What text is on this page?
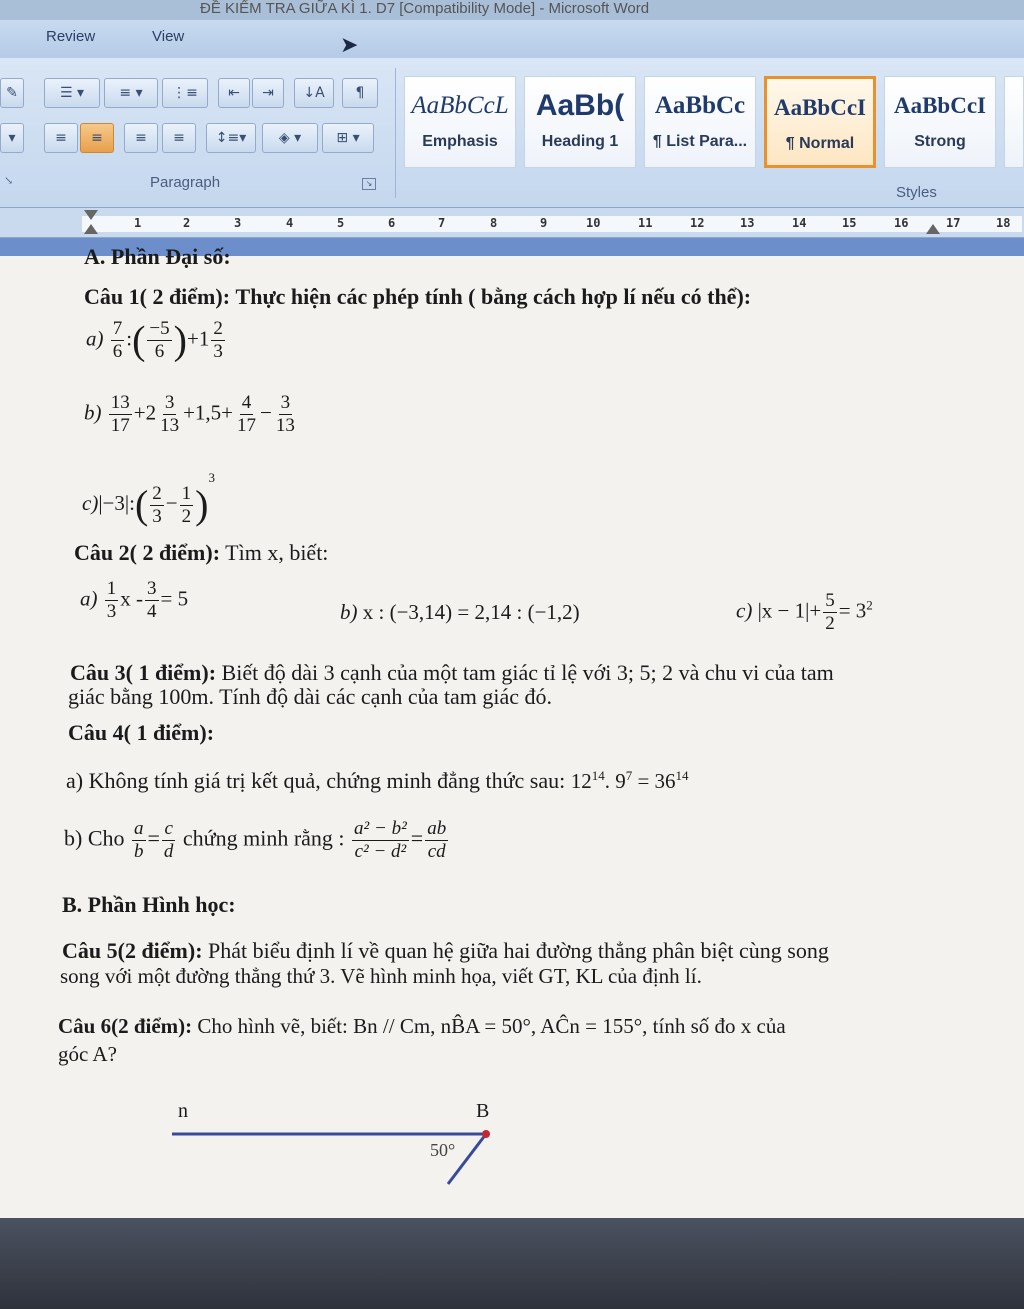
ĐỀ KIỂM TRA GIỮA KÌ 1. D7 [Compatibility Mode] - Microsoft Word
Review	View	➤
✎	☰ ▾	≡ ▾	⋮≡	⇤	⇥	↓A	¶
▾	≡	≡	≡	≡	↕≡▾	◈ ▾	⊞ ▾
Paragraph	↘
↘
AaBbCcL
Emphasis
AaBb(
Heading 1
AaBbCc
¶ List Para...
AaBbCcI
¶ Normal
AaBbCcI
Strong
Styles
1	2	3	4	5	6	7	8	9	10	11	12	13	14	15	16	17	18
A. Phần Đại số:
Câu 1( 2 điểm): Thực hiện các phép tính ( bằng cách hợp lí nếu có thể):
$a) \frac{7}{6}$ :( $\frac{-5}{6} )+1 \frac{2}{3}$
$b) \frac{13}{17} +2 \frac{3}{13} +1,5+ \frac{4}{17} - \frac{3}{13}$
c)|−3|:( $\frac{2}{3} - \frac{1}{2} )^3$
Câu 2( 2 điểm): Tìm x, biết:
$a) \frac{1}{3}$ $x - \frac{3}{4} = 5$
b) x : (−3,14) = 2,14 : (−1,2)	c) $|x - 1|+ \frac{5}{2} = 3^2$
Câu 3( 1 điểm): Biết độ dài 3 cạnh của một tam giác tỉ lệ với 3; 5; 2 và chu vi của tam
giác bằng 100m. Tính độ dài các cạnh của tam giác đó.
Câu 4( 1 điểm):
a) Không tính giá trị kết quả, chứng minh đẳng thức sau: $12^{14}$. $9^7 = 36^{14}$
b) Cho $\frac{a}{b} = \frac{c}{d}$ chứng minh rằng : $\frac{\text{a² − b²}}{\text{c² − d²}} = \frac{ab}{cd}$
B. Phần Hình học:
Câu 5(2 điểm): Phát biểu định lí về quan hệ giữa hai đường thẳng phân biệt cùng song
song với một đường thẳng thứ 3. Vẽ hình minh họa, viết GT, KL của định lí.
Câu 6(2 điểm): Cho hình vẽ, biết: Bn // Cm, nB̂A = 50°, AĈn = 155°, tính số đo x của
góc A?
n	B
50°
